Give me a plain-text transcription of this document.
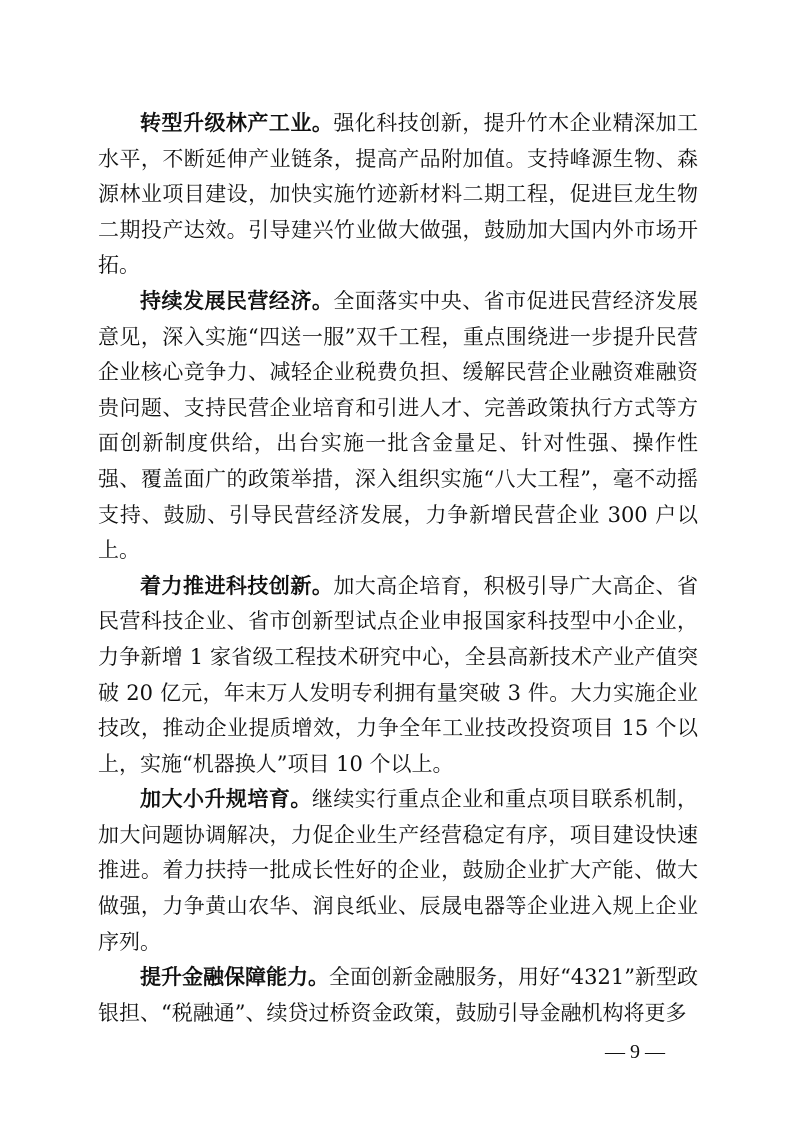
转型升级林产工业。强化科技创新，提升竹木企业精深加工水平，不断延伸产业链条，提高产品附加值。支持峰源生物、森源林业项目建设，加快实施竹迹新材料二期工程，促进巨龙生物二期投产达效。引导建兴竹业做大做强，鼓励加大国内外市场开拓。

持续发展民营经济。全面落实中央、省市促进民营经济发展意见，深入实施“四送一服”双千工程，重点围绕进一步提升民营企业核心竞争力、减轻企业税费负担、缓解民营企业融资难融资贵问题、支持民营企业培育和引进人才、完善政策执行方式等方面创新制度供给，出台实施一批含金量足、针对性强、操作性强、覆盖面广的政策举措，深入组织实施“八大工程”，毫不动摇支持、鼓励、引导民营经济发展，力争新增民营企业 300 户以上。

着力推进科技创新。加大高企培育，积极引导广大高企、省民营科技企业、省市创新型试点企业申报国家科技型中小企业，力争新增 1 家省级工程技术研究中心，全县高新技术产业产值突破 20 亿元，年末万人发明专利拥有量突破 3 件。大力实施企业技改，推动企业提质增效，力争全年工业技改投资项目 15 个以上，实施“机器换人”项目 10 个以上。

加大小升规培育。继续实行重点企业和重点项目联系机制，加大问题协调解决，力促企业生产经营稳定有序，项目建设快速推进。着力扶持一批成长性好的企业，鼓励企业扩大产能、做大做强，力争黄山农华、润良纸业、辰晟电器等企业进入规上企业序列。

提升金融保障能力。全面创新金融服务，用好“4321”新型政银担、“税融通”、续贷过桥资金政策，鼓励引导金融机构将更多

— 9 —
